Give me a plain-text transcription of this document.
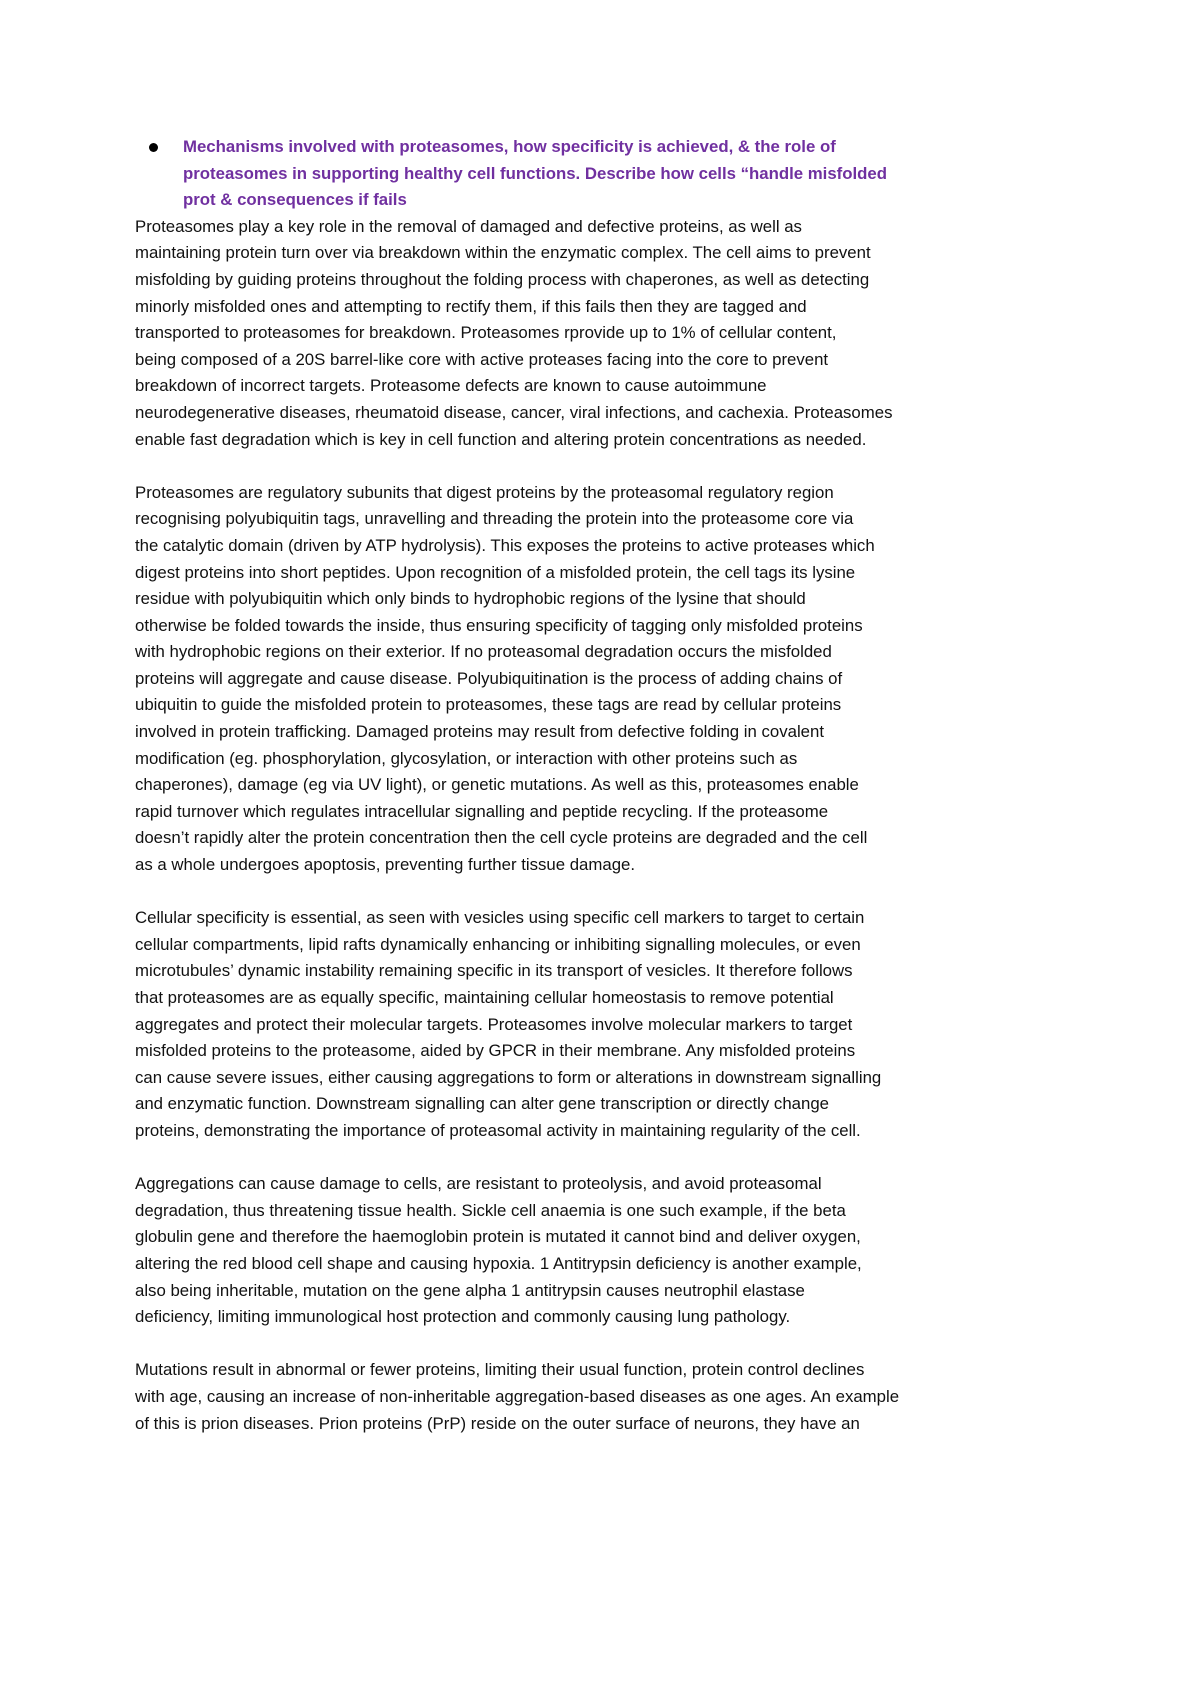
Mechanisms involved with proteasomes, how specificity is achieved, & the role of
proteasomes in supporting healthy cell functions. Describe how cells “handle misfolded
prot & consequences if fails
Proteasomes play a key role in the removal of damaged and defective proteins, as well as
maintaining protein turn over via breakdown within the enzymatic complex. The cell aims to prevent
misfolding by guiding proteins throughout the folding process with chaperones, as well as detecting
minorly misfolded ones and attempting to rectify them, if this fails then they are tagged and
transported to proteasomes for breakdown. Proteasomes rprovide up to 1% of cellular content,
being composed of a 20S barrel-like core with active proteases facing into the core to prevent
breakdown of incorrect targets. Proteasome defects are known to cause autoimmune
neurodegenerative diseases, rheumatoid disease, cancer, viral infections, and cachexia. Proteasomes
enable fast degradation which is key in cell function and altering protein concentrations as needed.
Proteasomes are regulatory subunits that digest proteins by the proteasomal regulatory region
recognising polyubiquitin tags, unravelling and threading the protein into the proteasome core via
the catalytic domain (driven by ATP hydrolysis). This exposes the proteins to active proteases which
digest proteins into short peptides. Upon recognition of a misfolded protein, the cell tags its lysine
residue with polyubiquitin which only binds to hydrophobic regions of the lysine that should
otherwise be folded towards the inside, thus ensuring specificity of tagging only misfolded proteins
with hydrophobic regions on their exterior. If no proteasomal degradation occurs the misfolded
proteins will aggregate and cause disease. Polyubiquitination is the process of adding chains of
ubiquitin to guide the misfolded protein to proteasomes, these tags are read by cellular proteins
involved in protein trafficking. Damaged proteins may result from defective folding in covalent
modification (eg. phosphorylation, glycosylation, or interaction with other proteins such as
chaperones), damage (eg via UV light), or genetic mutations. As well as this, proteasomes enable
rapid turnover which regulates intracellular signalling and peptide recycling. If the proteasome
doesn’t rapidly alter the protein concentration then the cell cycle proteins are degraded and the cell
as a whole undergoes apoptosis, preventing further tissue damage.
Cellular specificity is essential, as seen with vesicles using specific cell markers to target to certain
cellular compartments, lipid rafts dynamically enhancing or inhibiting signalling molecules, or even
microtubules’ dynamic instability remaining specific in its transport of vesicles. It therefore follows
that proteasomes are as equally specific, maintaining cellular homeostasis to remove potential
aggregates and protect their molecular targets. Proteasomes involve molecular markers to target
misfolded proteins to the proteasome, aided by GPCR in their membrane. Any misfolded proteins
can cause severe issues, either causing aggregations to form or alterations in downstream signalling
and enzymatic function. Downstream signalling can alter gene transcription or directly change
proteins, demonstrating the importance of proteasomal activity in maintaining regularity of the cell.
Aggregations can cause damage to cells, are resistant to proteolysis, and avoid proteasomal
degradation, thus threatening tissue health. Sickle cell anaemia is one such example, if the beta
globulin gene and therefore the haemoglobin protein is mutated it cannot bind and deliver oxygen,
altering the red blood cell shape and causing hypoxia. 1 Antitrypsin deficiency is another example,
also being inheritable, mutation on the gene alpha 1 antitrypsin causes neutrophil elastase
deficiency, limiting immunological host protection and commonly causing lung pathology.
Mutations result in abnormal or fewer proteins, limiting their usual function, protein control declines
with age, causing an increase of non-inheritable aggregation-based diseases as one ages. An example
of this is prion diseases. Prion proteins (PrP) reside on the outer surface of neurons, they have an
